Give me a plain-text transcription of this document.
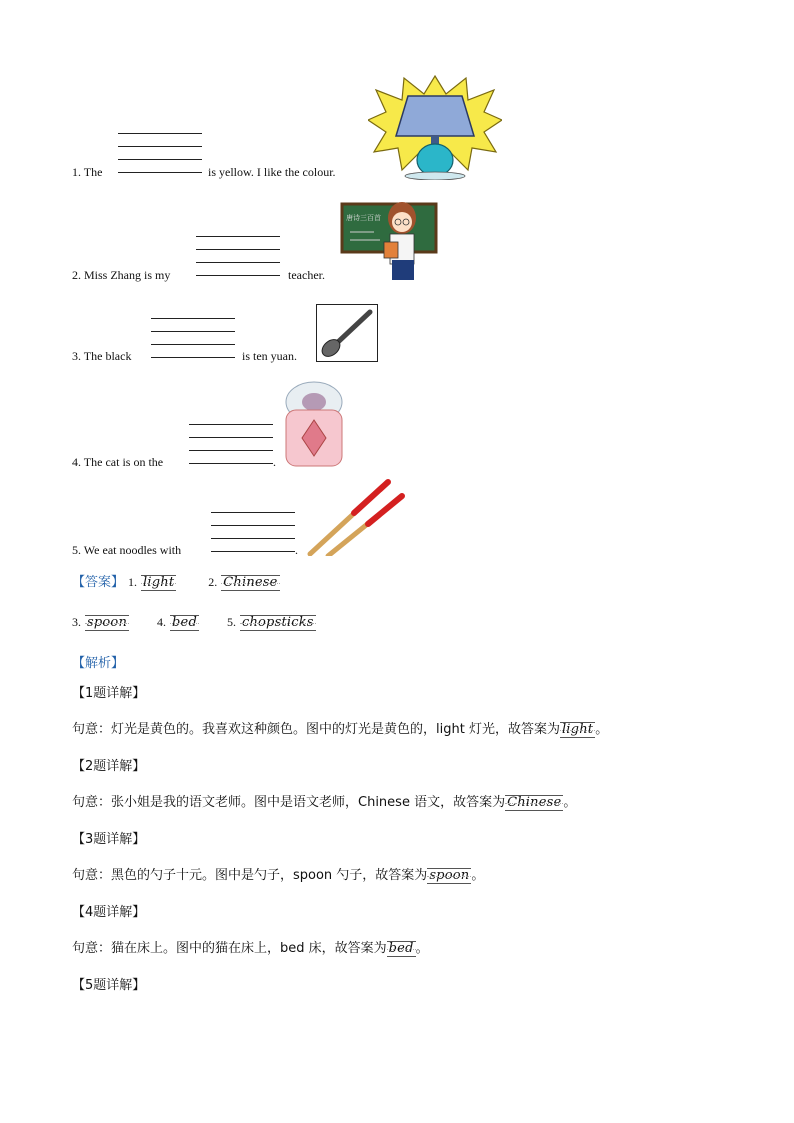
1. The	is yellow. I like the colour.
2. Miss Zhang is my	teacher.
唐诗三百首
3. The black	is ten yuan.
4. The cat is on the	.
5. We eat noodles with	.
【答案】 1. light	2. Chinese
3. spoon	4. bed	5. chopsticks
【解析】
【1题详解】
句意：灯光是黄色的。我喜欢这种颜色。图中的灯光是黄色的，light 灯光，故答案为 light 。
【2题详解】
句意：张小姐是我的语文老师。图中是语文老师，Chinese 语文，故答案为 Chinese 。
【3题详解】
句意：黑色的勺子十元。图中是勺子，spoon 勺子，故答案为 spoon 。
【4题详解】
句意：猫在床上。图中的猫在床上，bed 床，故答案为 bed 。
【5题详解】
